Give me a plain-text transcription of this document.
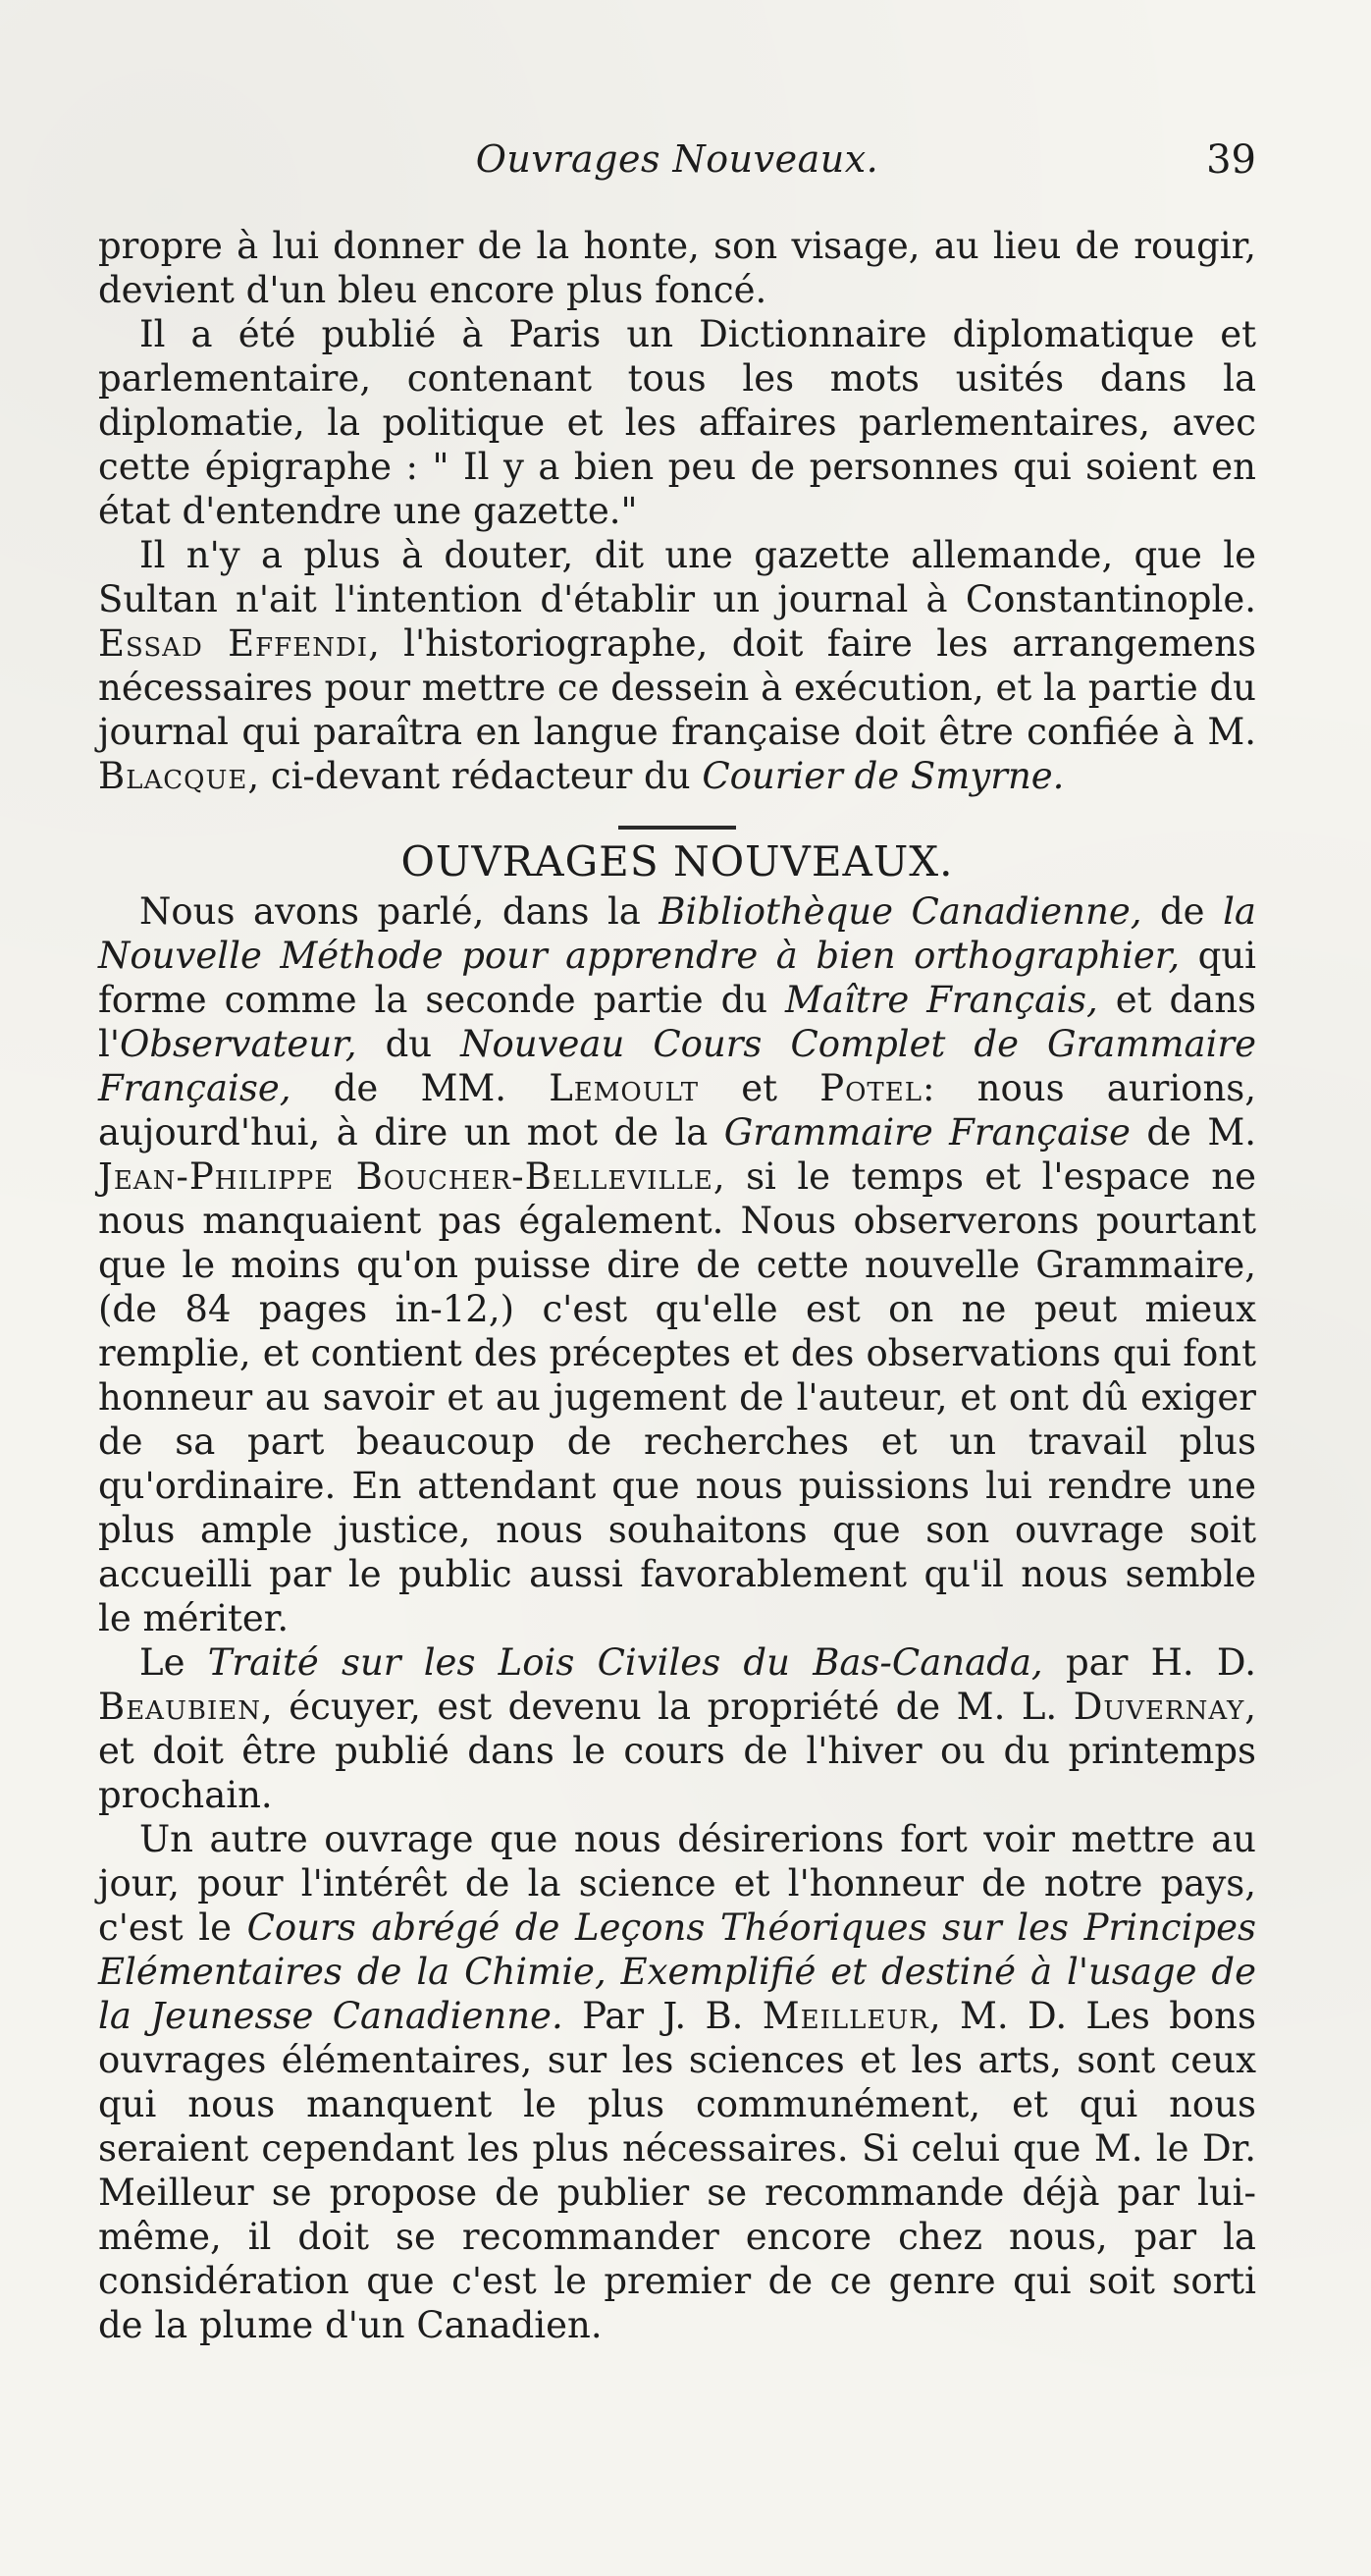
Ouvrages Nouveaux.	39

propre à lui donner de la honte, son visage, au lieu de rougir, devient d'un bleu encore plus foncé.

Il a été publié à Paris un Dictionnaire diplomatique et parlementaire, contenant tous les mots usités dans la diplomatie, la politique et les affaires parlementaires, avec cette épigraphe : " Il y a bien peu de personnes qui soient en état d'entendre une gazette."

Il n'y a plus à douter, dit une gazette allemande, que le Sultan n'ait l'intention d'établir un journal à Constantinople. Essad Effendi, l'historiographe, doit faire les arrangemens nécessaires pour mettre ce dessein à exécution, et la partie du journal qui paraîtra en langue française doit être confiée à M. Blacque, ci-devant rédacteur du Courier de Smyrne.

OUVRAGES NOUVEAUX.

Nous avons parlé, dans la Bibliothèque Canadienne, de la Nouvelle Méthode pour apprendre à bien orthographier, qui forme comme la seconde partie du Maître Français, et dans l'Observateur, du Nouveau Cours Complet de Grammaire Française, de MM. Lemoult et Potel: nous aurions, aujourd'hui, à dire un mot de la Grammaire Française de M. Jean-Philippe Boucher-Belleville, si le temps et l'espace ne nous manquaient pas également. Nous observerons pourtant que le moins qu'on puisse dire de cette nouvelle Grammaire, (de 84 pages in-12,) c'est qu'elle est on ne peut mieux remplie, et contient des préceptes et des observations qui font honneur au savoir et au jugement de l'auteur, et ont dû exiger de sa part beaucoup de recherches et un travail plus qu'ordinaire. En attendant que nous puissions lui rendre une plus ample justice, nous souhaitons que son ouvrage soit accueilli par le public aussi favorablement qu'il nous semble le mériter.

Le Traité sur les Lois Civiles du Bas-Canada, par H. D. Beaubien, écuyer, est devenu la propriété de M. L. Duvernay, et doit être publié dans le cours de l'hiver ou du printemps prochain.

Un autre ouvrage que nous désirerions fort voir mettre au jour, pour l'intérêt de la science et l'honneur de notre pays, c'est le Cours abrégé de Leçons Théoriques sur les Principes Elémentaires de la Chimie, Exemplifié et destiné à l'usage de la Jeunesse Canadienne. Par J. B. Meilleur, M. D. Les bons ouvrages élémentaires, sur les sciences et les arts, sont ceux qui nous manquent le plus communément, et qui nous seraient cependant les plus nécessaires. Si celui que M. le Dr. Meilleur se propose de publier se recommande déjà par lui-même, il doit se recommander encore chez nous, par la considération que c'est le premier de ce genre qui soit sorti de la plume d'un Canadien.
